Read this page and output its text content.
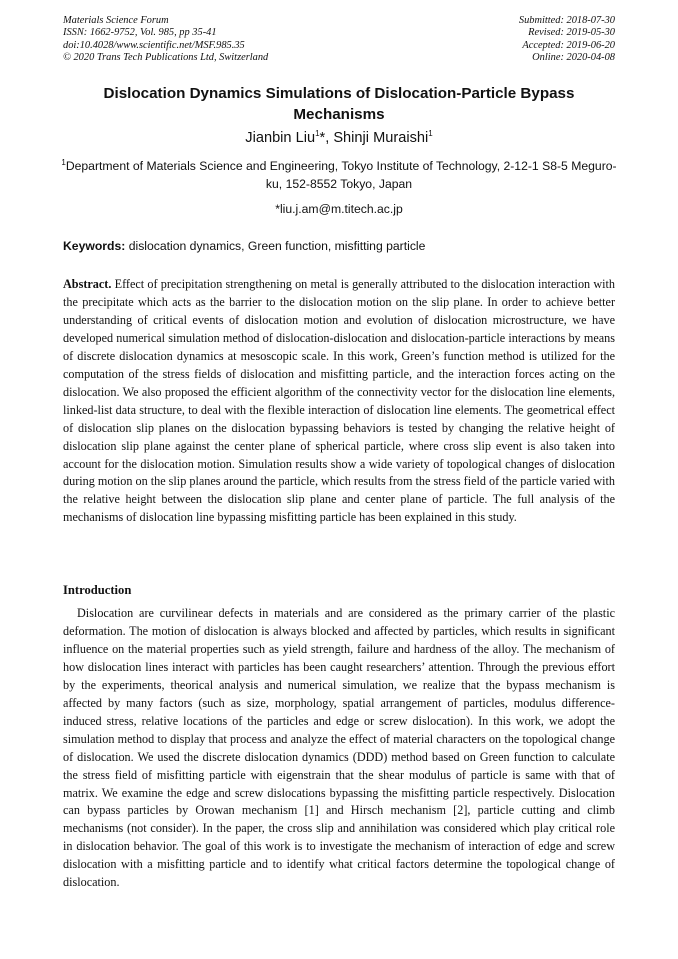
Materials Science Forum
ISSN: 1662-9752, Vol. 985, pp 35-41
doi:10.4028/www.scientific.net/MSF.985.35
© 2020 Trans Tech Publications Ltd, Switzerland
Submitted: 2018-07-30
Revised: 2019-05-30
Accepted: 2019-06-20
Online: 2020-04-08
Dislocation Dynamics Simulations of Dislocation-Particle Bypass Mechanisms
Jianbin Liu$^1$*, Shinji Muraishi$^1$
$^1$Department of Materials Science and Engineering, Tokyo Institute of Technology, 2-12-1 S8-5 Meguro-ku, 152-8552 Tokyo, Japan
*liu.j.am@m.titech.ac.jp
Keywords: dislocation dynamics, Green function, misfitting particle
Abstract. Effect of precipitation strengthening on metal is generally attributed to the dislocation interaction with the precipitate which acts as the barrier to the dislocation motion on the slip plane. In order to achieve better understanding of critical events of dislocation motion and evolution of dislocation microstructure, we have developed numerical simulation method of dislocation-dislocation and dislocation-particle interactions by means of discrete dislocation dynamics at mesoscopic scale. In this work, Green’s function method is utilized for the computation of the stress fields of dislocation and misfitting particle, and the interaction forces acting on the dislocation. We also proposed the efficient algorithm of the connectivity vector for the dislocation line elements, linked-list data structure, to deal with the flexible interaction of dislocation line elements. The geometrical effect of dislocation slip planes on the dislocation bypassing behaviors is tested by changing the relative height of dislocation slip plane against the center plane of spherical particle, where cross slip event is also taken into account for the dislocation motion. Simulation results show a wide variety of topological changes of dislocation during motion on the slip planes around the particle, which results from the stress field of the particle varied with the relative height between the dislocation slip plane and center plane of particle. The full analysis of the mechanisms of dislocation line bypassing misfitting particle has been explained in this study.
Introduction
Dislocation are curvilinear defects in materials and are considered as the primary carrier of the plastic deformation. The motion of dislocation is always blocked and affected by particles, which results in significant influence on the material properties such as yield strength, failure and hardness of the alloy. The mechanism of how dislocation lines interact with particles has been caught researchers’ attention. Through the previous effort by the experiments, theorical analysis and numerical simulation, we realize that the bypass mechanism is affected by many factors (such as size, morphology, spatial arrangement of particles, modulus difference-induced stress, relative locations of the particles and edge or screw dislocation). In this work, we adopt the simulation method to display that process and analyze the effect of material characters on the topological change of dislocation. We used the discrete dislocation dynamics (DDD) method based on Green function to calculate the stress field of misfitting particle with eigenstrain that the shear modulus of particle is same with that of matrix. We examine the edge and screw dislocations bypassing the misfitting particle respectively. Dislocation can bypass particles by Orowan mechanism [1] and Hirsch mechanism [2], particle cutting and climb mechanisms (not consider). In the paper, the cross slip and annihilation was considered which play critical role in dislocation behavior. The goal of this work is to investigate the mechanism of interaction of edge and screw dislocation with a misfitting particle and to identify what critical factors determine the topological change of dislocation.
